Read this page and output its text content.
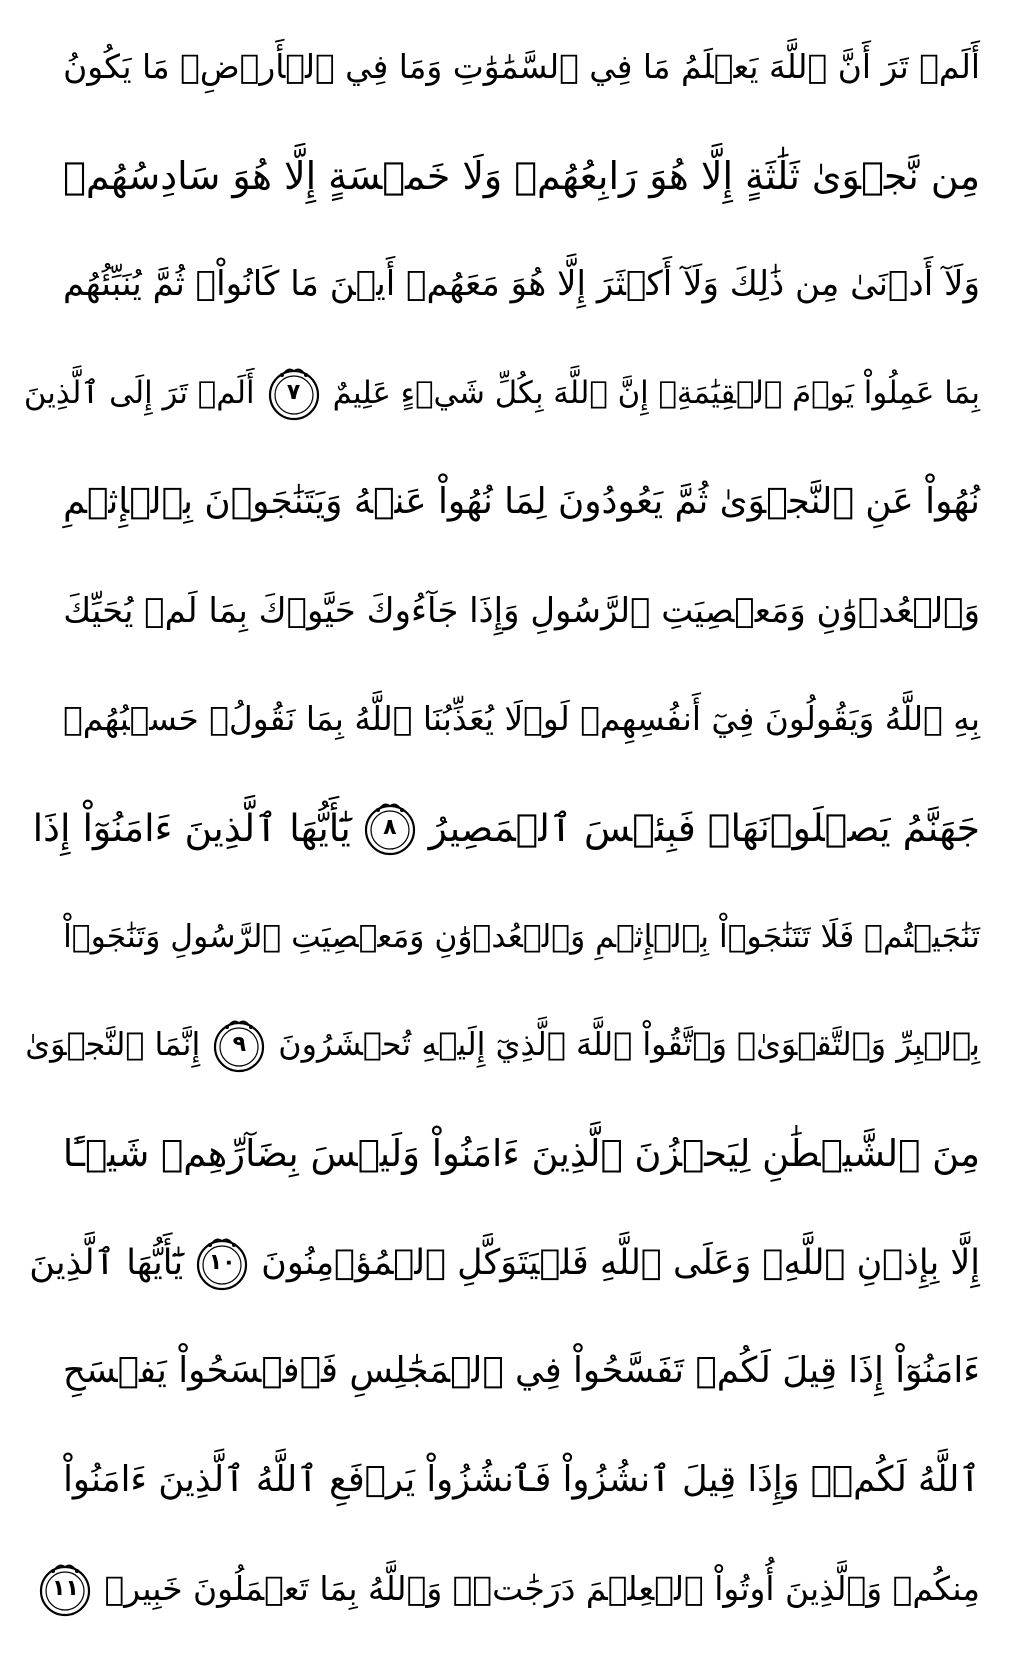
أَلَمۡ تَرَ أَنَّ ٱللَّهَ يَعۡلَمُ مَا فِي ٱلسَّمَٰوَٰتِ وَمَا فِي ٱلۡأَرۡضِۖ مَا يَكُونُ
مِن نَّجۡوَىٰ ثَلَٰثَةٍ إِلَّا هُوَ رَابِعُهُمۡ وَلَا خَمۡسَةٍ إِلَّا هُوَ سَادِسُهُمۡ
وَلَآ أَدۡنَىٰ مِن ذَٰلِكَ وَلَآ أَكۡثَرَ إِلَّا هُوَ مَعَهُمۡ أَيۡنَ مَا كَانُواْۖ ثُمَّ يُنَبِّئُهُم
بِمَا عَمِلُواْ يَوۡمَ ٱلۡقِيَٰمَةِۚ إِنَّ ٱللَّهَ بِكُلِّ شَيۡءٍ عَلِيمٌ
٧
أَلَمۡ تَرَ إِلَى ٱلَّذِينَ
نُهُواْ عَنِ ٱلنَّجۡوَىٰ ثُمَّ يَعُودُونَ لِمَا نُهُواْ عَنۡهُ وَيَتَنَٰجَوۡنَ بِٱلۡإِثۡمِ
وَٱلۡعُدۡوَٰنِ وَمَعۡصِيَتِ ٱلرَّسُولِ وَإِذَا جَآءُوكَ حَيَّوۡكَ بِمَا لَمۡ يُحَيِّكَ
بِهِ ٱللَّهُ وَيَقُولُونَ فِيٓ أَنفُسِهِمۡ لَوۡلَا يُعَذِّبُنَا ٱللَّهُ بِمَا نَقُولُۚ حَسۡبُهُمۡ
جَهَنَّمُ يَصۡلَوۡنَهَاۖ فَبِئۡسَ ٱلۡمَصِيرُ
٨
يَٰٓأَيُّهَا ٱلَّذِينَ ءَامَنُوٓاْ إِذَا
تَنَٰجَيۡتُمۡ فَلَا تَتَنَٰجَوۡاْ بِٱلۡإِثۡمِ وَٱلۡعُدۡوَٰنِ وَمَعۡصِيَتِ ٱلرَّسُولِ وَتَنَٰجَوۡاْ
بِٱلۡبِرِّ وَٱلتَّقۡوَىٰۖ وَٱتَّقُواْ ٱللَّهَ ٱلَّذِيٓ إِلَيۡهِ تُحۡشَرُونَ
٩
إِنَّمَا ٱلنَّجۡوَىٰ
مِنَ ٱلشَّيۡطَٰنِ لِيَحۡزُنَ ٱلَّذِينَ ءَامَنُواْ وَلَيۡسَ بِضَآرِّهِمۡ شَيۡـًٔا
إِلَّا بِإِذۡنِ ٱللَّهِۚ وَعَلَى ٱللَّهِ فَلۡيَتَوَكَّلِ ٱلۡمُؤۡمِنُونَ
١٠
يَٰٓأَيُّهَا ٱلَّذِينَ
ءَامَنُوٓاْ إِذَا قِيلَ لَكُمۡ تَفَسَّحُواْ فِي ٱلۡمَجَٰلِسِ فَٱفۡسَحُواْ يَفۡسَحِ
ٱللَّهُ لَكُمۡۖ وَإِذَا قِيلَ ٱنشُزُواْ فَٱنشُزُواْ يَرۡفَعِ ٱللَّهُ ٱلَّذِينَ ءَامَنُواْ
مِنكُمۡ وَٱلَّذِينَ أُوتُواْ ٱلۡعِلۡمَ دَرَجَٰتٖۚ وَٱللَّهُ بِمَا تَعۡمَلُونَ خَبِيرٞ
١١
